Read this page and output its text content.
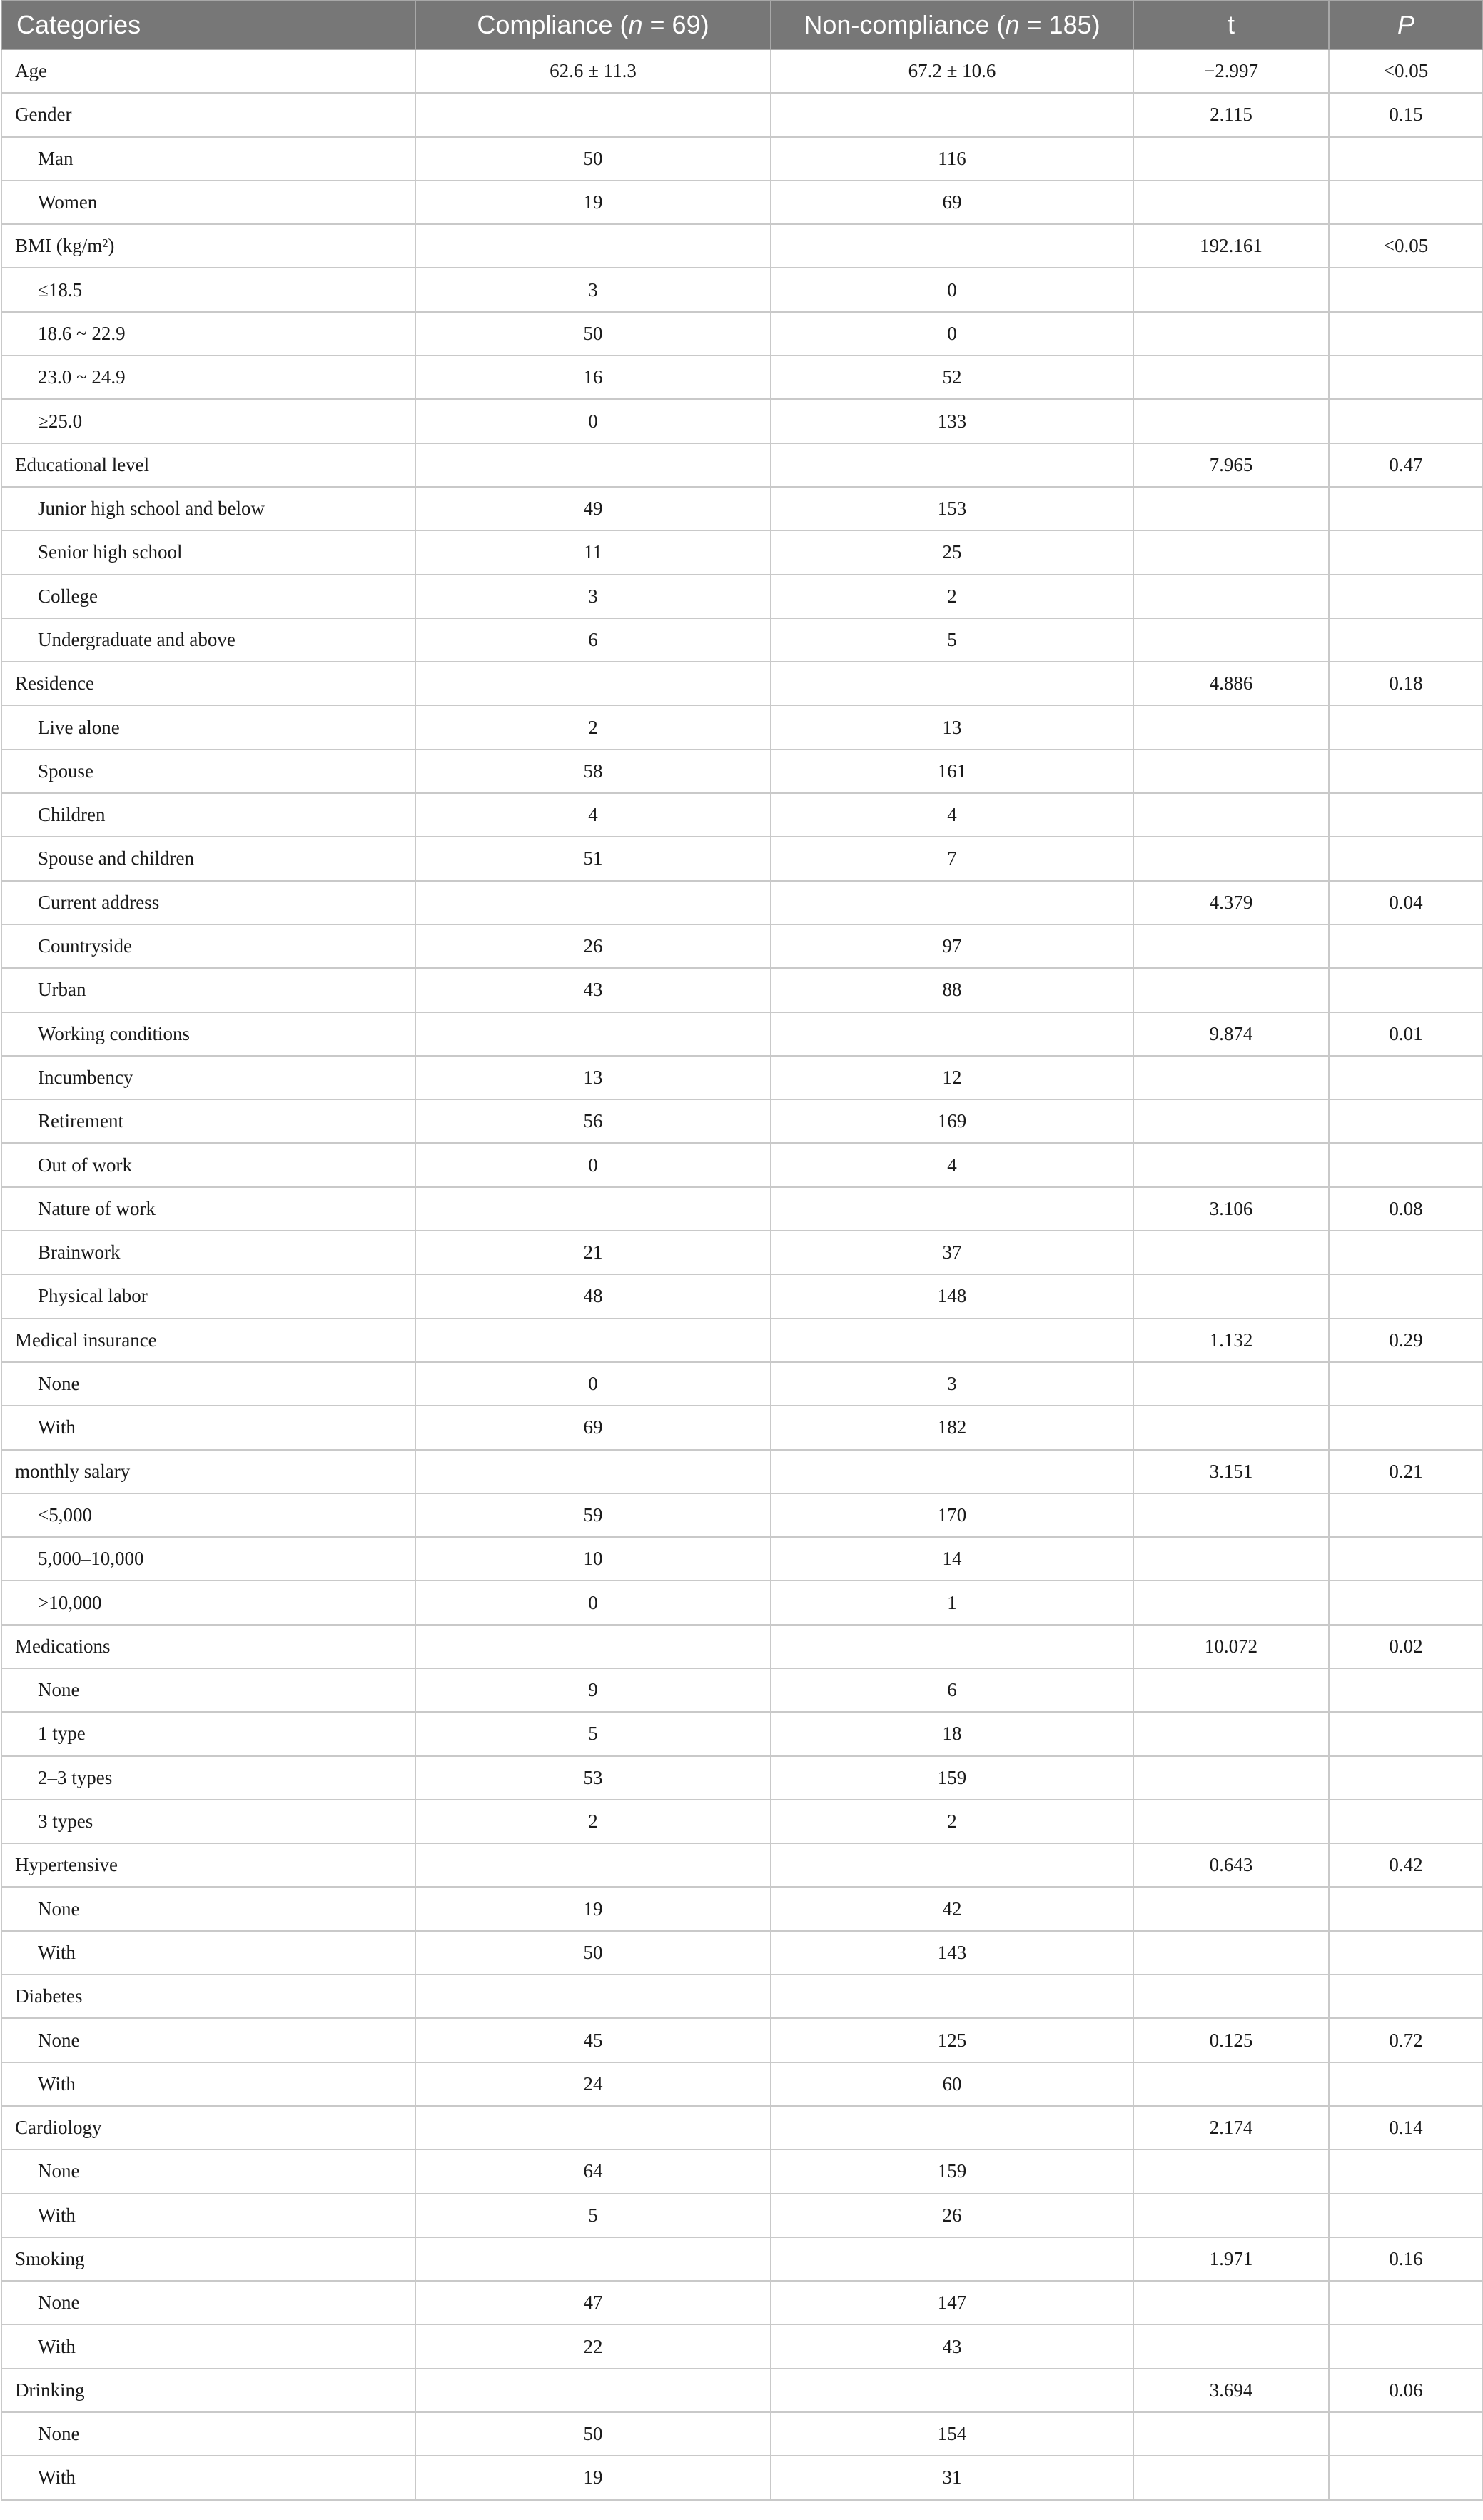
Categories	Compliance (n = 69)	Non-compliance (n = 185)	t	P
Age	62.6 ± 11.3	67.2 ± 10.6	−2.997	<0.05
Gender			2.115	0.15
Man	50	116		
Women	19	69		
BMI (kg/m²)			192.161	<0.05
≤18.5	3	0		
18.6 ~ 22.9	50	0		
23.0 ~ 24.9	16	52		
≥25.0	0	133		
Educational level			7.965	0.47
Junior high school and below	49	153		
Senior high school	11	25		
College	3	2		
Undergraduate and above	6	5		
Residence			4.886	0.18
Live alone	2	13		
Spouse	58	161		
Children	4	4		
Spouse and children	51	7		
Current address			4.379	0.04
Countryside	26	97		
Urban	43	88		
Working conditions			9.874	0.01
Incumbency	13	12		
Retirement	56	169		
Out of work	0	4		
Nature of work			3.106	0.08
Brainwork	21	37		
Physical labor	48	148		
Medical insurance			1.132	0.29
None	0	3		
With	69	182		
monthly salary			3.151	0.21
<5,000	59	170		
5,000–10,000	10	14		
>10,000	0	1		
Medications			10.072	0.02
None	9	6		
1 type	5	18		
2–3 types	53	159		
3 types	2	2		
Hypertensive			0.643	0.42
None	19	42		
With	50	143		
Diabetes				
None	45	125	0.125	0.72
With	24	60		
Cardiology			2.174	0.14
None	64	159		
With	5	26		
Smoking			1.971	0.16
None	47	147		
With	22	43		
Drinking			3.694	0.06
None	50	154		
With	19	31		
